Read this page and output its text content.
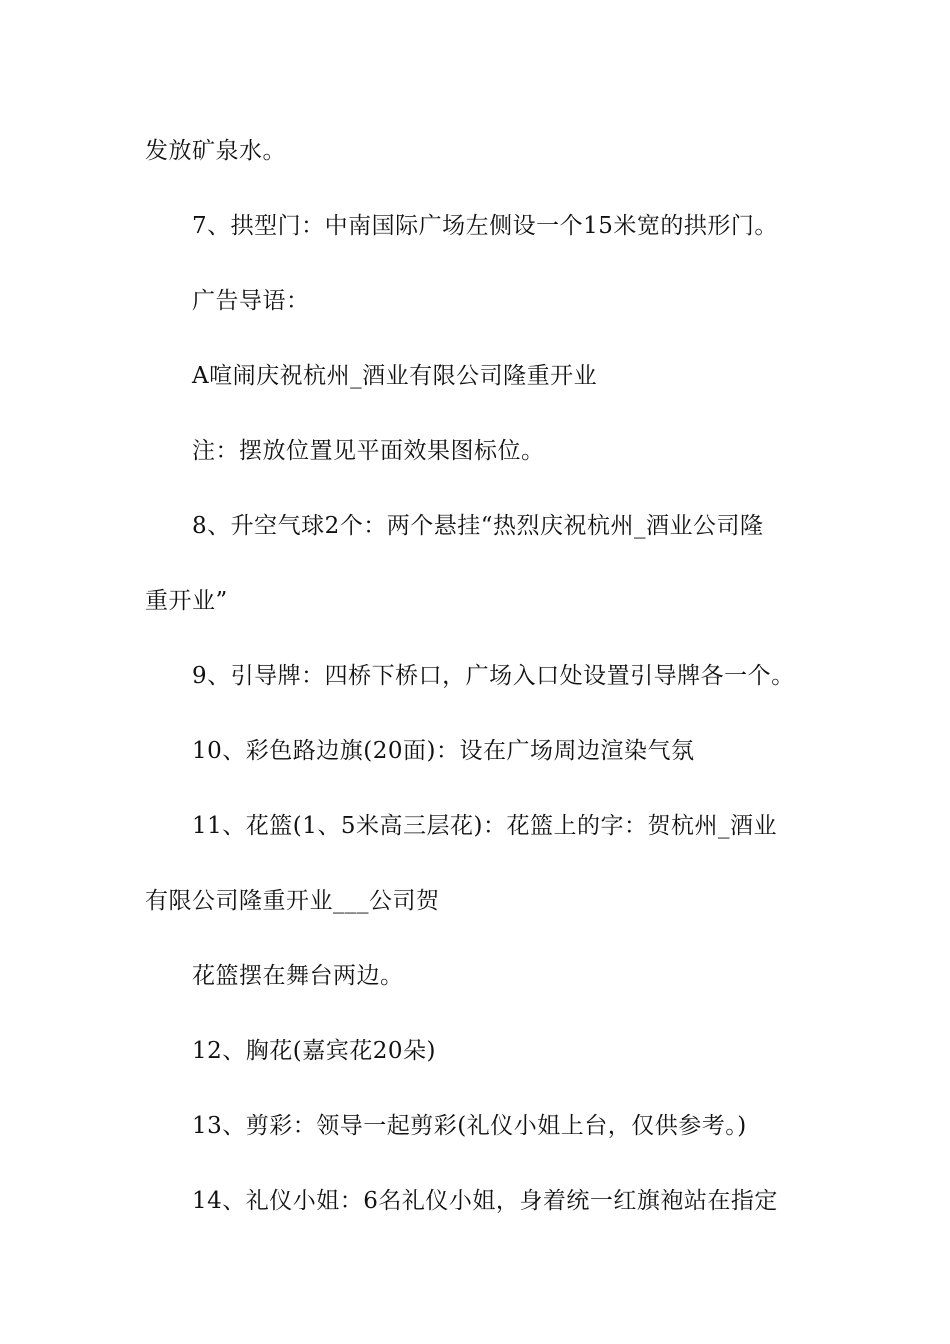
发放矿泉水。

7、拱型门：中南国际广场左侧设一个15米宽的拱形门。

广告导语：

A喧闹庆祝杭州_酒业有限公司隆重开业

注：摆放位置见平面效果图标位。

8、升空气球2个：两个悬挂“热烈庆祝杭州_酒业公司隆

重开业”

9、引导牌：四桥下桥口，广场入口处设置引导牌各一个。

10、彩色路边旗(20面)：设在广场周边渲染气氛

11、花篮(1、5米高三层花)：花篮上的字：贺杭州_酒业

有限公司隆重开业___公司贺

花篮摆在舞台两边。

12、胸花(嘉宾花20朵)

13、剪彩：领导一起剪彩(礼仪小姐上台，仅供参考。)

14、礼仪小姐：6名礼仪小姐，身着统一红旗袍站在指定
